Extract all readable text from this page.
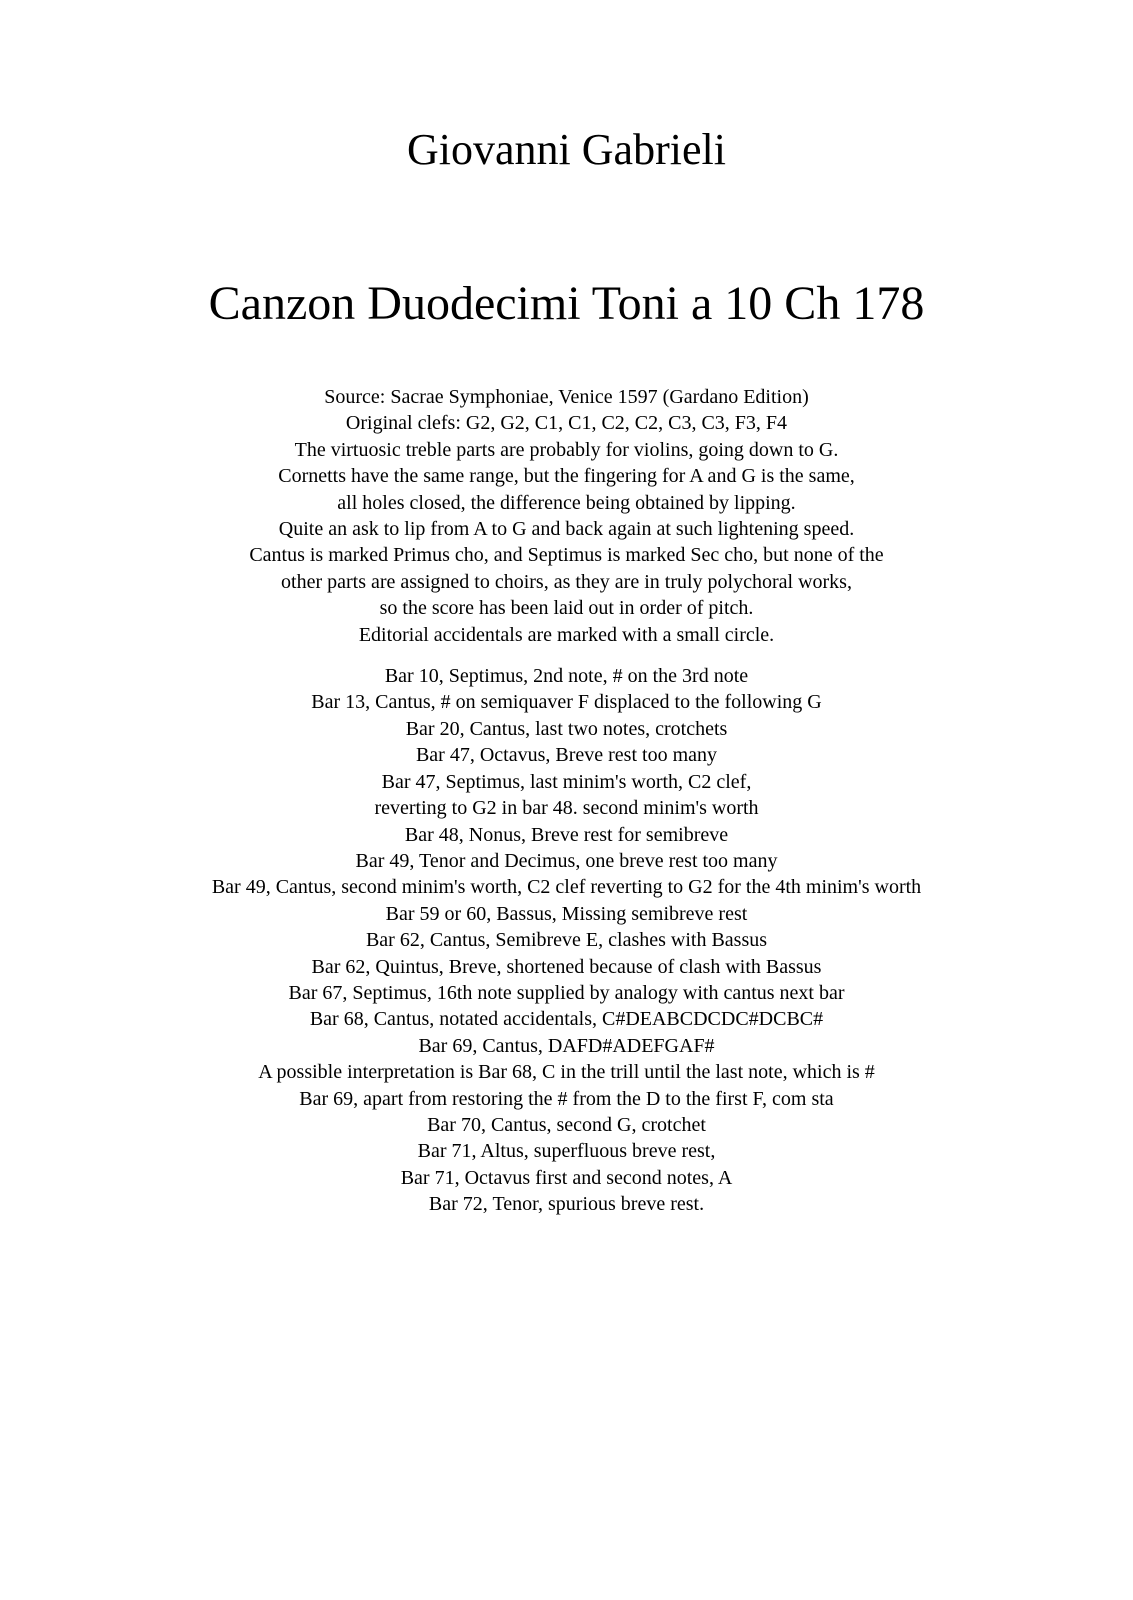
Giovanni Gabrieli
Canzon Duodecimi Toni a 10 Ch 178
Source: Sacrae Symphoniae, Venice 1597 (Gardano Edition)
Original clefs: G2, G2, C1, C1, C2, C2, C3, C3, F3, F4
The virtuosic treble parts are probably for violins, going down to G.
Cornetts have the same range, but the fingering for A and G is the same,
all holes closed, the difference being obtained by lipping.
Quite an ask to lip from A to G and back again at such lightening speed.
Cantus is marked Primus cho, and Septimus is marked Sec cho, but none of the
other parts are assigned to choirs, as they are in truly polychoral works,
so the score has been laid out in order of pitch.
Editorial accidentals are marked with a small circle.
Bar 10, Septimus, 2nd note, # on the 3rd note
Bar 13, Cantus, # on semiquaver F displaced to the following G
Bar 20, Cantus, last two notes, crotchets
Bar 47, Octavus, Breve rest too many
Bar 47, Septimus, last minim's worth, C2 clef,
reverting to G2 in bar 48. second minim's worth
Bar 48, Nonus, Breve rest for semibreve
Bar 49, Tenor and Decimus, one breve rest too many
Bar 49, Cantus, second minim's worth, C2 clef reverting to G2 for the 4th minim's worth
Bar 59 or 60, Bassus, Missing semibreve rest
Bar 62, Cantus, Semibreve E, clashes with Bassus
Bar 62, Quintus, Breve, shortened because of clash with Bassus
Bar 67, Septimus, 16th note supplied by analogy with cantus next bar
Bar 68, Cantus, notated accidentals, C#DEABCDCDC#DCBC#
Bar 69, Cantus, DAFD#ADEFGAF#
A possible interpretation is Bar 68, C in the trill until the last note, which is #
Bar 69, apart from restoring the # from the D to the first F, com sta
Bar 70, Cantus, second G, crotchet
Bar 71, Altus, superfluous breve rest,
Bar 71, Octavus first and second notes, A
Bar 72, Tenor, spurious breve rest.
